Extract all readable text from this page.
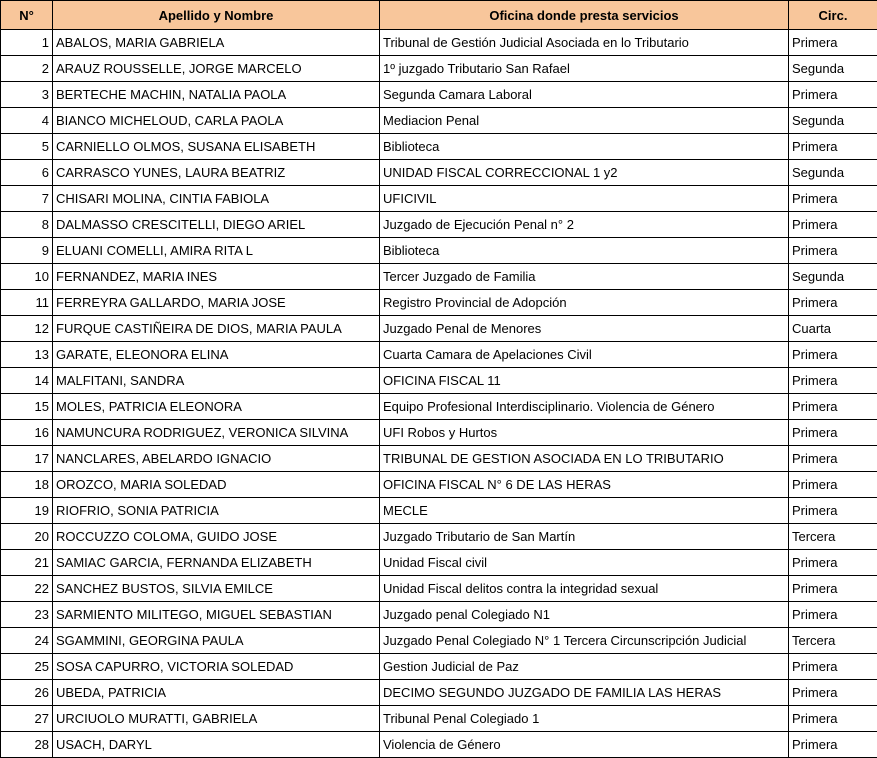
N°	Apellido y Nombre	Oficina donde presta servicios	Circ.
1	ABALOS, MARIA GABRIELA	Tribunal de Gestión Judicial Asociada en lo Tributario	Primera
2	ARAUZ ROUSSELLE, JORGE MARCELO	1º juzgado Tributario San Rafael	Segunda
3	BERTECHE MACHIN, NATALIA PAOLA	Segunda Camara Laboral	Primera
4	BIANCO MICHELOUD, CARLA PAOLA	Mediacion Penal	Segunda
5	CARNIELLO OLMOS, SUSANA ELISABETH	Biblioteca	Primera
6	CARRASCO YUNES, LAURA BEATRIZ	UNIDAD FISCAL CORRECCIONAL 1 y2	Segunda
7	CHISARI MOLINA, CINTIA FABIOLA	UFICIVIL	Primera
8	DALMASSO CRESCITELLI, DIEGO ARIEL	Juzgado de Ejecución Penal n° 2	Primera
9	ELUANI COMELLI, AMIRA RITA L	Biblioteca	Primera
10	FERNANDEZ, MARIA INES	Tercer Juzgado de Familia	Segunda
11	FERREYRA GALLARDO, MARIA JOSE	Registro Provincial de Adopción	Primera
12	FURQUE CASTIÑEIRA DE DIOS, MARIA PAULA	Juzgado Penal de Menores	Cuarta
13	GARATE, ELEONORA ELINA	Cuarta Camara de Apelaciones Civil	Primera
14	MALFITANI, SANDRA	OFICINA FISCAL 11	Primera
15	MOLES, PATRICIA ELEONORA	Equipo Profesional Interdisciplinario. Violencia de Género	Primera
16	NAMUNCURA RODRIGUEZ, VERONICA SILVINA	UFI Robos y Hurtos	Primera
17	NANCLARES, ABELARDO IGNACIO	TRIBUNAL DE GESTION ASOCIADA EN LO TRIBUTARIO	Primera
18	OROZCO, MARIA SOLEDAD	OFICINA FISCAL N° 6 DE LAS HERAS	Primera
19	RIOFRIO, SONIA PATRICIA	MECLE	Primera
20	ROCCUZZO COLOMA, GUIDO JOSE	Juzgado Tributario de San Martín	Tercera
21	SAMIAC GARCIA, FERNANDA ELIZABETH	Unidad Fiscal civil	Primera
22	SANCHEZ BUSTOS, SILVIA EMILCE	Unidad Fiscal delitos contra la integridad sexual	Primera
23	SARMIENTO MILITEGO, MIGUEL SEBASTIAN	Juzgado penal Colegiado N1	Primera
24	SGAMMINI, GEORGINA PAULA	Juzgado Penal Colegiado N° 1 Tercera Circunscripción Judicial	Tercera
25	SOSA CAPURRO, VICTORIA SOLEDAD	Gestion Judicial de Paz	Primera
26	UBEDA, PATRICIA	DECIMO SEGUNDO JUZGADO DE FAMILIA LAS HERAS	Primera
27	URCIUOLO MURATTI, GABRIELA	Tribunal Penal Colegiado 1	Primera
28	USACH, DARYL	Violencia de Género	Primera
